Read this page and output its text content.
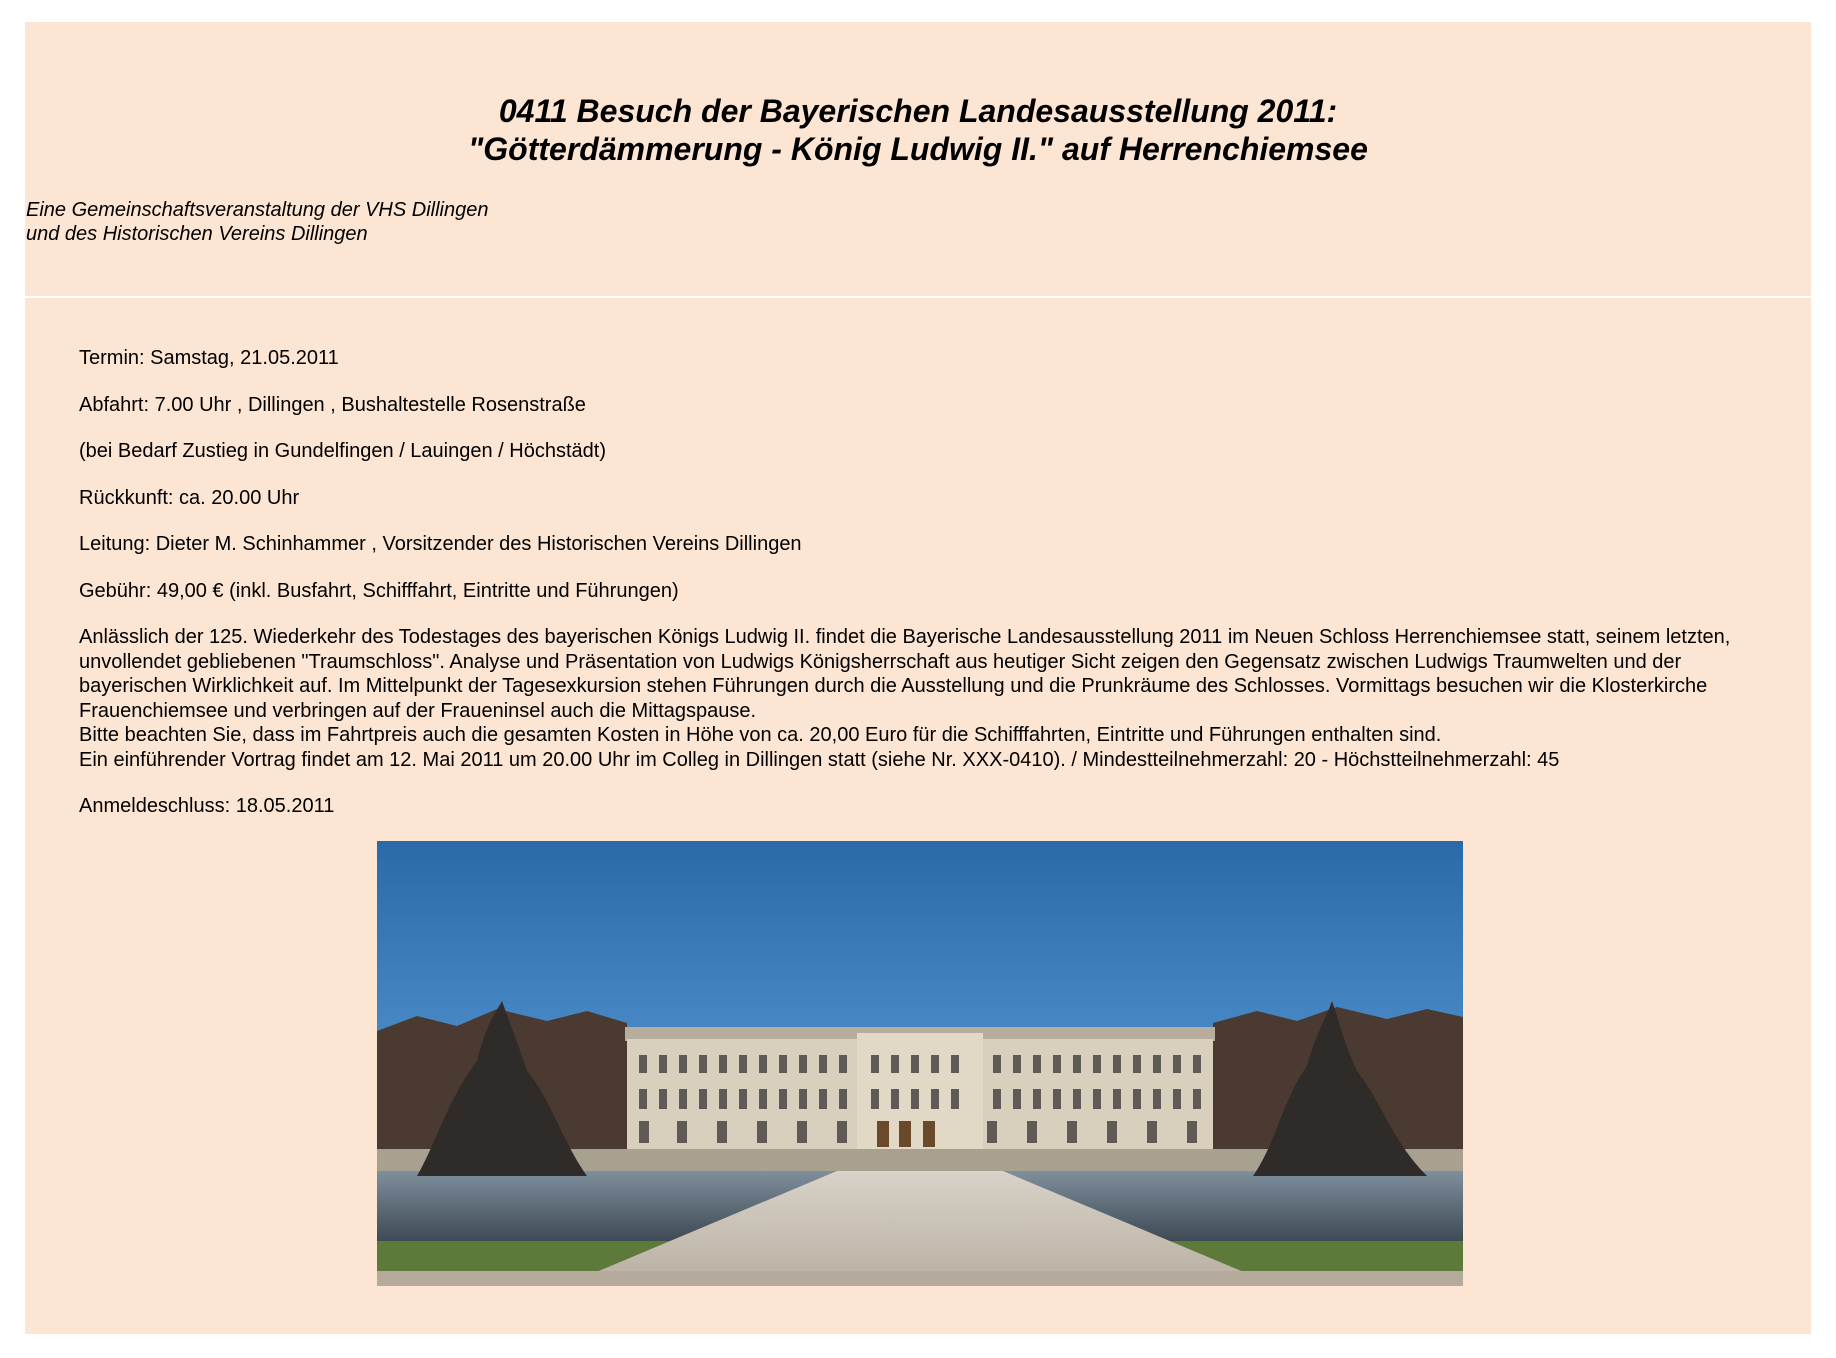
0411 Besuch der Bayerischen Landesausstellung 2011:
"Götterdämmerung - König Ludwig II." auf Herrenchiemsee

Eine Gemeinschaftsveranstaltung der VHS Dillingen
und des Historischen Vereins Dillingen

Termin: Samstag, 21.05.2011

Abfahrt: 7.00 Uhr , Dillingen , Bushaltestelle Rosenstraße

(bei Bedarf Zustieg in Gundelfingen / Lauingen / Höchstädt)

Rückkunft: ca. 20.00 Uhr

Leitung: Dieter M. Schinhammer , Vorsitzender des Historischen Vereins Dillingen

Gebühr: 49,00 € (inkl. Busfahrt, Schifffahrt, Eintritte und Führungen)

Anlässlich der 125. Wiederkehr des Todestages des bayerischen Königs Ludwig II. findet die Bayerische Landesausstellung 2011 im Neuen Schloss Herrenchiemsee statt, seinem letzten, unvollendet gebliebenen "Traumschloss". Analyse und Präsentation von Ludwigs Königsherrschaft aus heutiger Sicht zeigen den Gegensatz zwischen Ludwigs Traumwelten und der bayerischen Wirklichkeit auf. Im Mittelpunkt der Tagesexkursion stehen Führungen durch die Ausstellung und die Prunkräume des Schlosses. Vormittags besuchen wir die Klosterkirche Frauenchiemsee und verbringen auf der Fraueninsel auch die Mittagspause.
Bitte beachten Sie, dass im Fahrtpreis auch die gesamten Kosten in Höhe von ca. 20,00 Euro für die Schifffahrten, Eintritte und Führungen enthalten sind.
Ein einführender Vortrag findet am 12. Mai 2011 um 20.00 Uhr im Colleg in Dillingen statt (siehe Nr. XXX-0410). / Mindestteilnehmerzahl: 20 - Höchstteilnehmerzahl: 45

Anmeldeschluss: 18.05.2011
